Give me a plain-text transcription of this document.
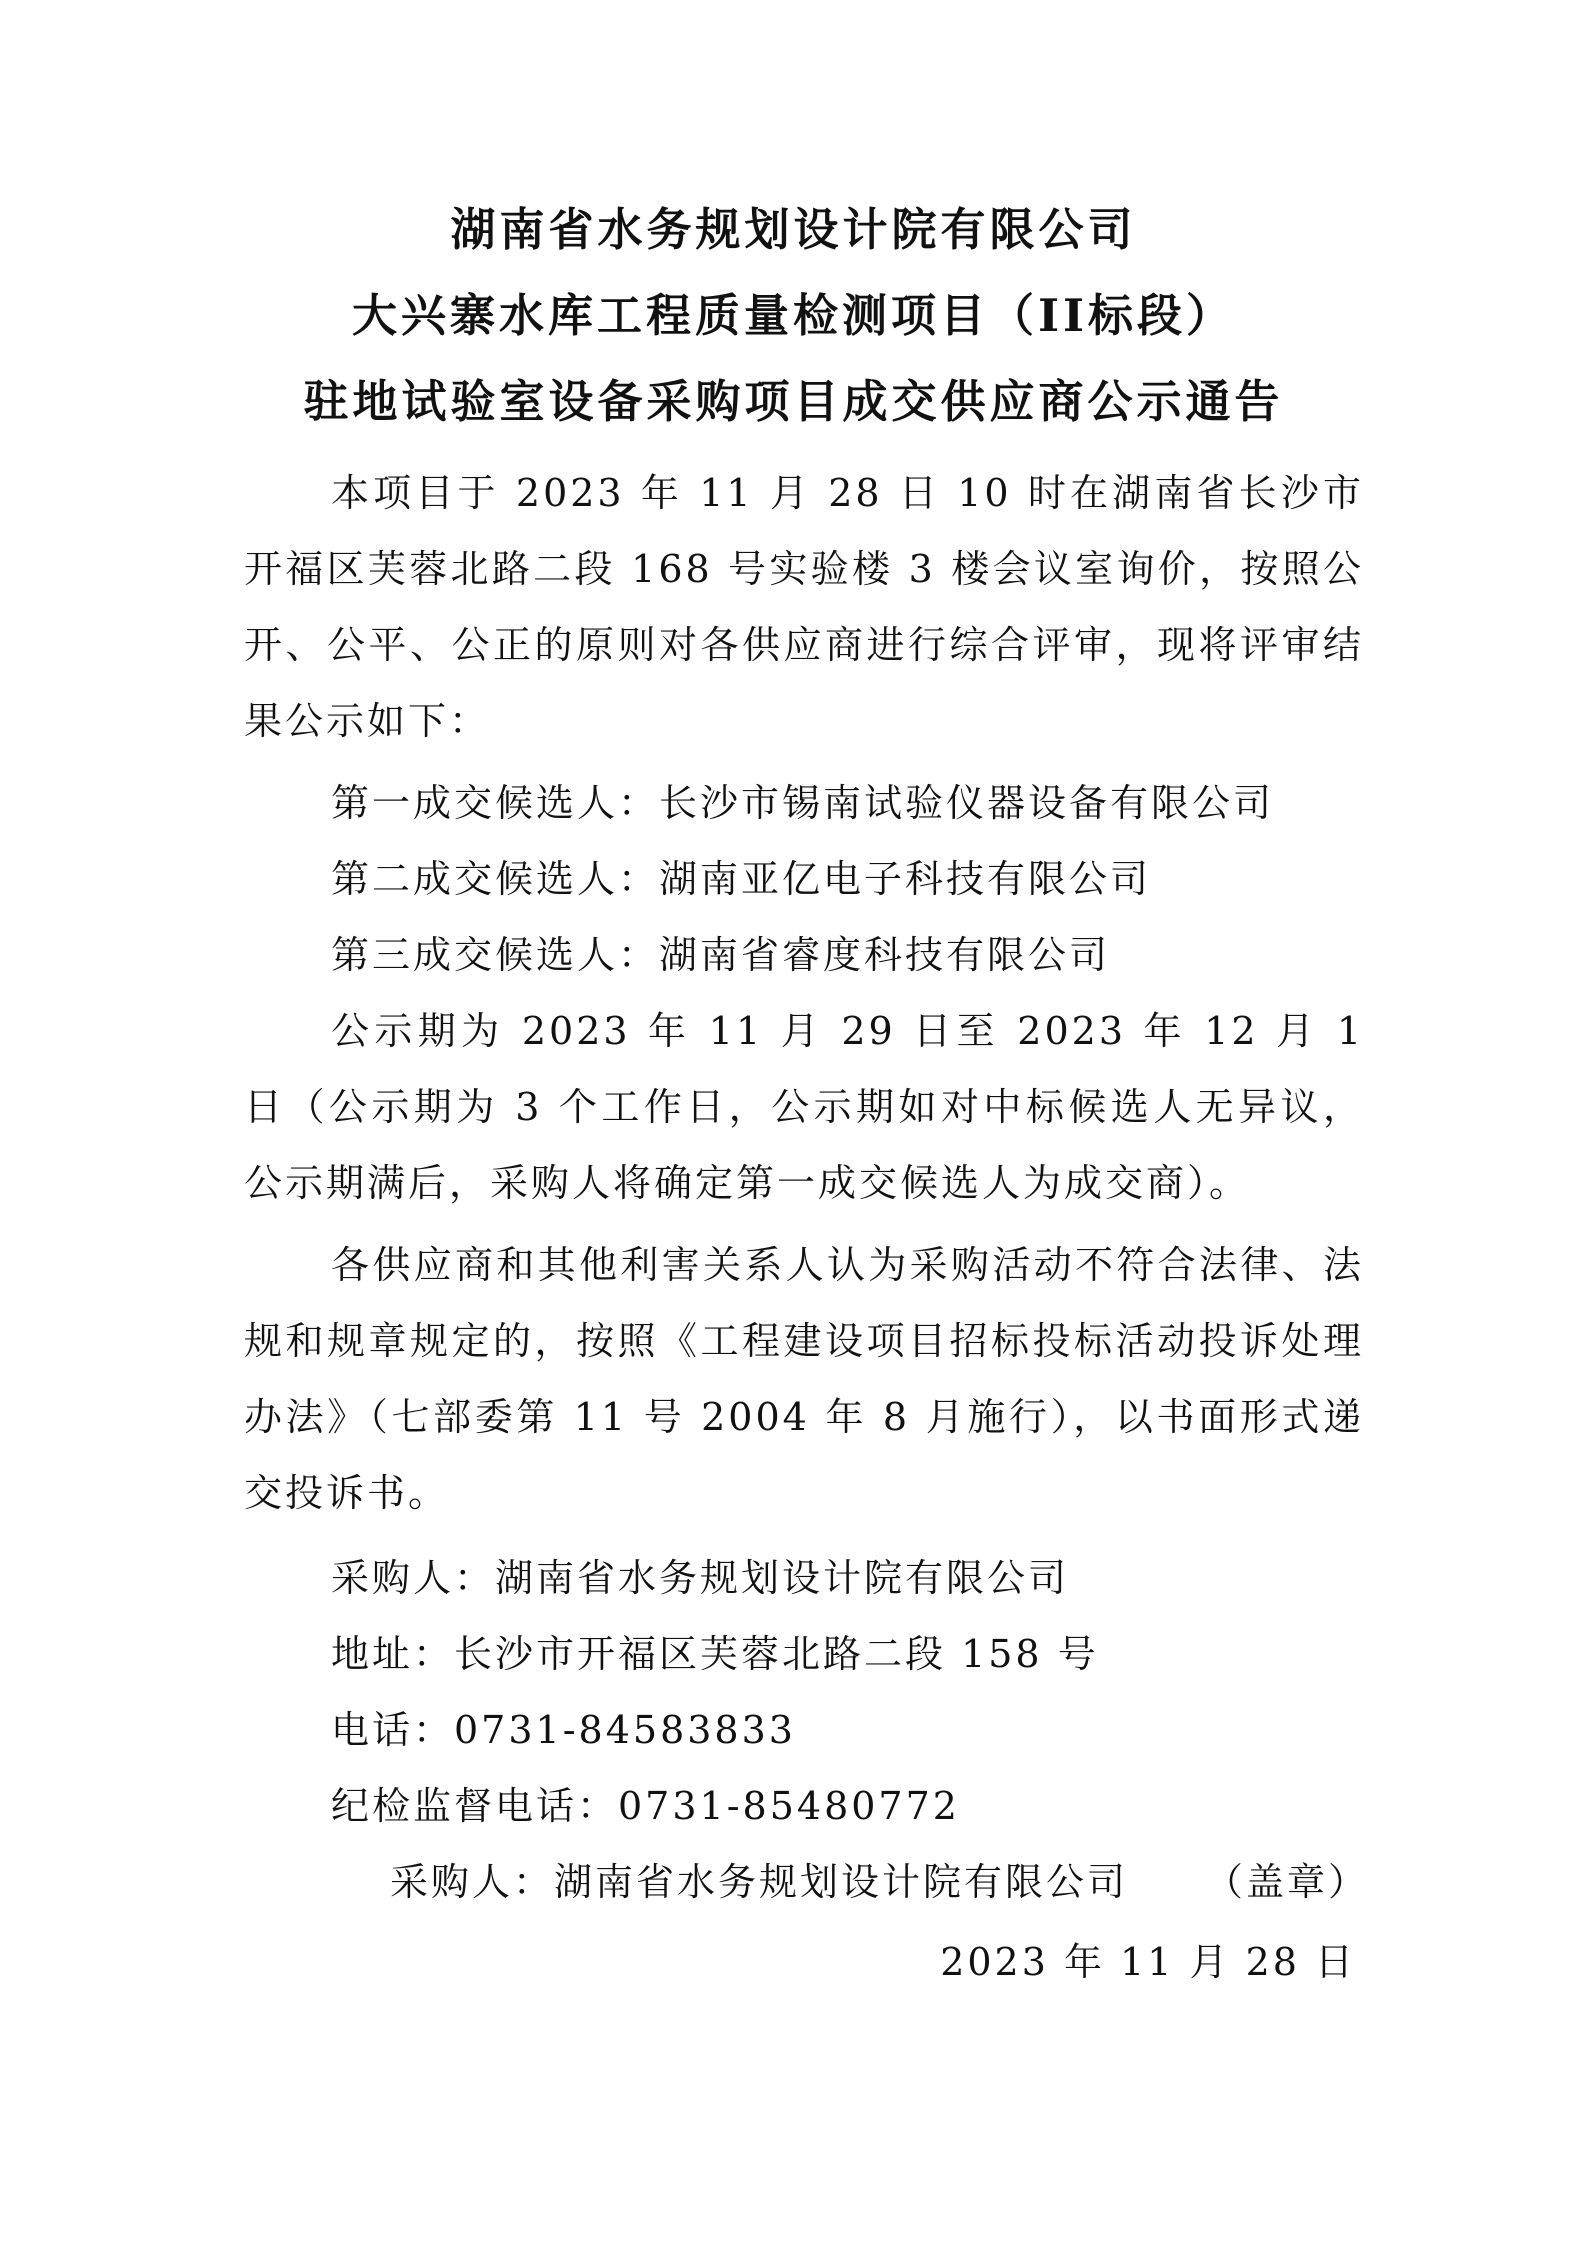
湖南省水务规划设计院有限公司
大兴寨水库工程质量检测项目（II标段）
驻地试验室设备采购项目成交供应商公示通告

本项目于 2023 年 11 月 28 日 10 时在湖南省长沙市开福区芙蓉北路二段 168 号实验楼 3 楼会议室询价，按照公开、公平、公正的原则对各供应商进行综合评审，现将评审结果公示如下：

第一成交候选人：长沙市锡南试验仪器设备有限公司
第二成交候选人：湖南亚亿电子科技有限公司
第三成交候选人：湖南省睿度科技有限公司

公示期为 2023 年 11 月 29 日至 2023 年 12 月 1 日（公示期为 3 个工作日，公示期如对中标候选人无异议，公示期满后，采购人将确定第一成交候选人为成交商）。

各供应商和其他利害关系人认为采购活动不符合法律、法规和规章规定的，按照《工程建设项目招标投标活动投诉处理办法》（七部委第 11 号 2004 年 8 月施行），以书面形式递交投诉书。

采购人：湖南省水务规划设计院有限公司
地址：长沙市开福区芙蓉北路二段 158 号
电话：0731-84583833
纪检监督电话：0731-85480772
采购人：湖南省水务规划设计院有限公司 （盖章）
2023 年 11 月 28 日
